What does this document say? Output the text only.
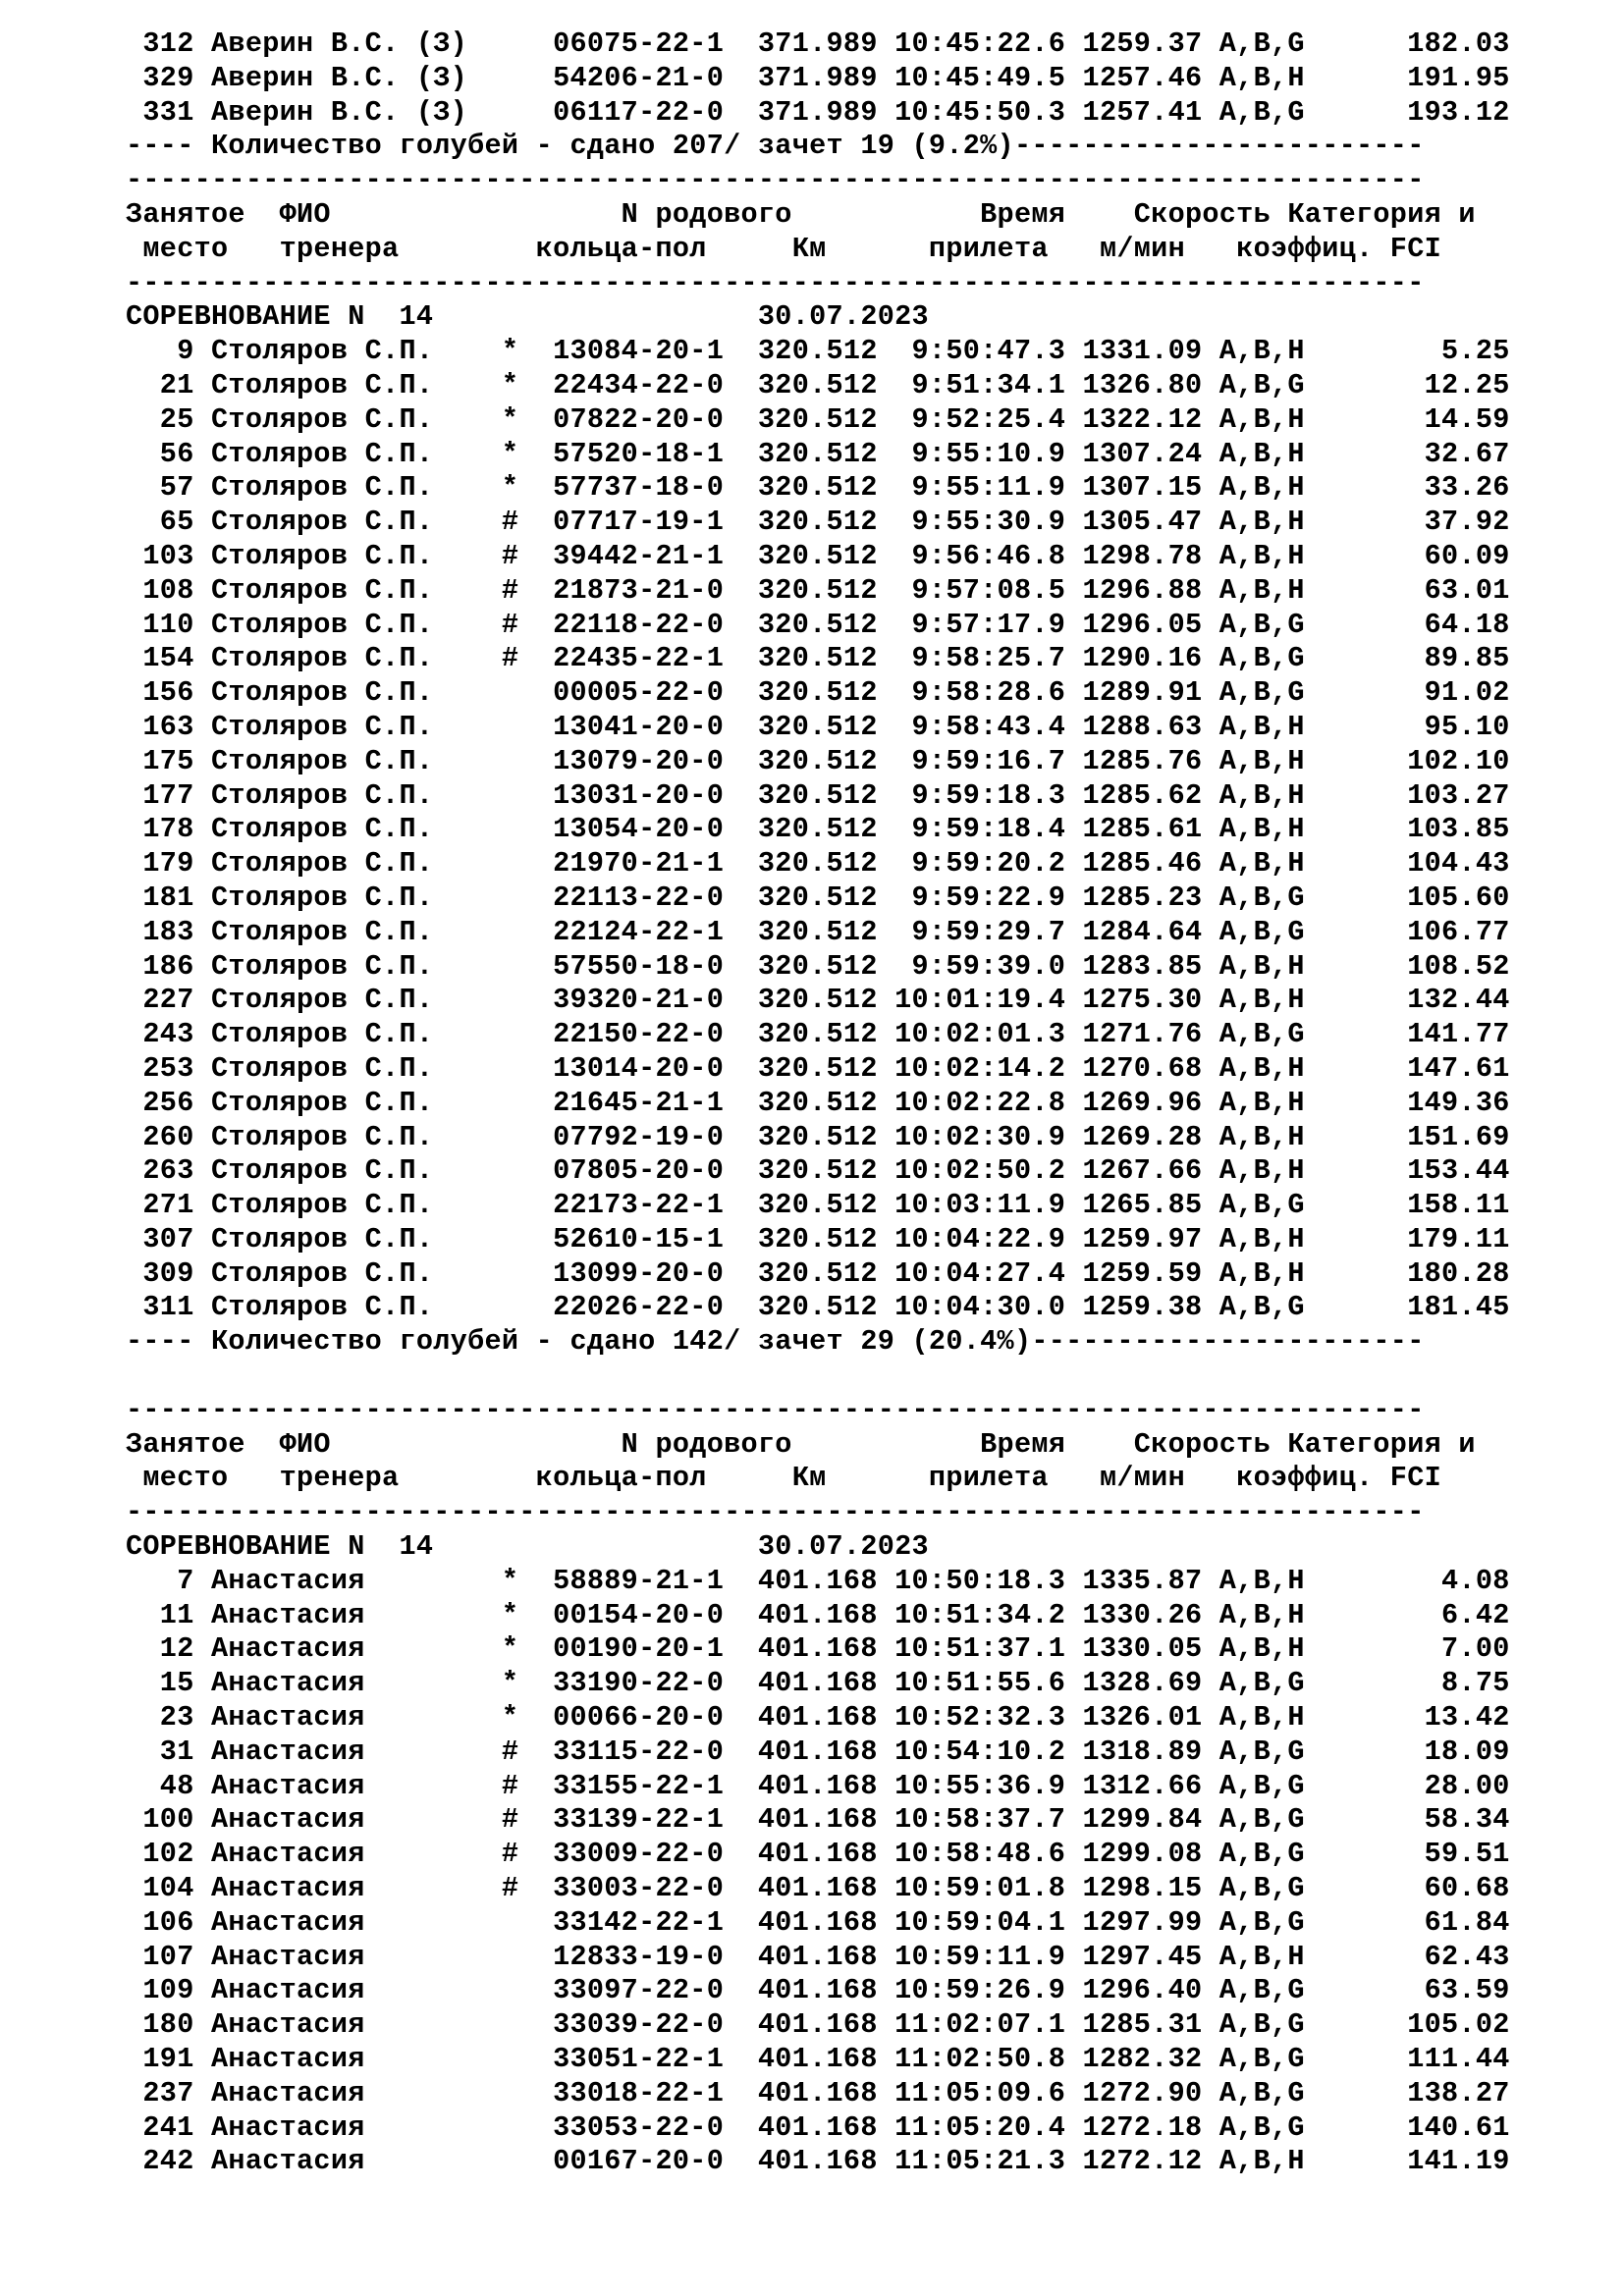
312 Аверин В.С. (З)     06075-22-1  371.989 10:45:22.6 1259.37 A,B,G      182.03
329 Аверин В.С. (З)     54206-21-0  371.989 10:45:49.5 1257.46 A,B,H      191.95
331 Аверин В.С. (З)     06117-22-0  371.989 10:45:50.3 1257.41 A,B,G      193.12
---- Количество голубей - сдано 207/ зачет 19 (9.2%)------------------------
----------------------------------------------------------------------------
Занятое  ФИО                 N родового           Время    Скорость Категория и
место   тренера        кольца-пол     Км      прилета   м/мин   коэффиц. FCI
----------------------------------------------------------------------------
СОРЕВНОВАНИЕ N  14                   30.07.2023
9 Столяров С.П.    *  13084-20-1  320.512  9:50:47.3 1331.09 A,B,H        5.25
21 Столяров С.П.    *  22434-22-0  320.512  9:51:34.1 1326.80 A,B,G       12.25
25 Столяров С.П.    *  07822-20-0  320.512  9:52:25.4 1322.12 A,B,H       14.59
56 Столяров С.П.    *  57520-18-1  320.512  9:55:10.9 1307.24 A,B,H       32.67
57 Столяров С.П.    *  57737-18-0  320.512  9:55:11.9 1307.15 A,B,H       33.26
65 Столяров С.П.    #  07717-19-1  320.512  9:55:30.9 1305.47 A,B,H       37.92
103 Столяров С.П.    #  39442-21-1  320.512  9:56:46.8 1298.78 A,B,H       60.09
108 Столяров С.П.    #  21873-21-0  320.512  9:57:08.5 1296.88 A,B,H       63.01
110 Столяров С.П.    #  22118-22-0  320.512  9:57:17.9 1296.05 A,B,G       64.18
154 Столяров С.П.    #  22435-22-1  320.512  9:58:25.7 1290.16 A,B,G       89.85
156 Столяров С.П.       00005-22-0  320.512  9:58:28.6 1289.91 A,B,G       91.02
163 Столяров С.П.       13041-20-0  320.512  9:58:43.4 1288.63 A,B,H       95.10
175 Столяров С.П.       13079-20-0  320.512  9:59:16.7 1285.76 A,B,H      102.10
177 Столяров С.П.       13031-20-0  320.512  9:59:18.3 1285.62 A,B,H      103.27
178 Столяров С.П.       13054-20-0  320.512  9:59:18.4 1285.61 A,B,H      103.85
179 Столяров С.П.       21970-21-1  320.512  9:59:20.2 1285.46 A,B,H      104.43
181 Столяров С.П.       22113-22-0  320.512  9:59:22.9 1285.23 A,B,G      105.60
183 Столяров С.П.       22124-22-1  320.512  9:59:29.7 1284.64 A,B,G      106.77
186 Столяров С.П.       57550-18-0  320.512  9:59:39.0 1283.85 A,B,H      108.52
227 Столяров С.П.       39320-21-0  320.512 10:01:19.4 1275.30 A,B,H      132.44
243 Столяров С.П.       22150-22-0  320.512 10:02:01.3 1271.76 A,B,G      141.77
253 Столяров С.П.       13014-20-0  320.512 10:02:14.2 1270.68 A,B,H      147.61
256 Столяров С.П.       21645-21-1  320.512 10:02:22.8 1269.96 A,B,H      149.36
260 Столяров С.П.       07792-19-0  320.512 10:02:30.9 1269.28 A,B,H      151.69
263 Столяров С.П.       07805-20-0  320.512 10:02:50.2 1267.66 A,B,H      153.44
271 Столяров С.П.       22173-22-1  320.512 10:03:11.9 1265.85 A,B,G      158.11
307 Столяров С.П.       52610-15-1  320.512 10:04:22.9 1259.97 A,B,H      179.11
309 Столяров С.П.       13099-20-0  320.512 10:04:27.4 1259.59 A,B,H      180.28
311 Столяров С.П.       22026-22-0  320.512 10:04:30.0 1259.38 A,B,G      181.45
---- Количество голубей - сдано 142/ зачет 29 (20.4%)-----------------------
----------------------------------------------------------------------------
Занятое  ФИО                 N родового           Время    Скорость Категория и
место   тренера        кольца-пол     Км      прилета   м/мин   коэффиц. FCI
----------------------------------------------------------------------------
СОРЕВНОВАНИЕ N  14                   30.07.2023
7 Анастасия        *  58889-21-1  401.168 10:50:18.3 1335.87 A,B,H        4.08
11 Анастасия        *  00154-20-0  401.168 10:51:34.2 1330.26 A,B,H        6.42
12 Анастасия        *  00190-20-1  401.168 10:51:37.1 1330.05 A,B,H        7.00
15 Анастасия        *  33190-22-0  401.168 10:51:55.6 1328.69 A,B,G        8.75
23 Анастасия        *  00066-20-0  401.168 10:52:32.3 1326.01 A,B,H       13.42
31 Анастасия        #  33115-22-0  401.168 10:54:10.2 1318.89 A,B,G       18.09
48 Анастасия        #  33155-22-1  401.168 10:55:36.9 1312.66 A,B,G       28.00
100 Анастасия        #  33139-22-1  401.168 10:58:37.7 1299.84 A,B,G       58.34
102 Анастасия        #  33009-22-0  401.168 10:58:48.6 1299.08 A,B,G       59.51
104 Анастасия        #  33003-22-0  401.168 10:59:01.8 1298.15 A,B,G       60.68
106 Анастасия           33142-22-1  401.168 10:59:04.1 1297.99 A,B,G       61.84
107 Анастасия           12833-19-0  401.168 10:59:11.9 1297.45 A,B,H       62.43
109 Анастасия           33097-22-0  401.168 10:59:26.9 1296.40 A,B,G       63.59
180 Анастасия           33039-22-0  401.168 11:02:07.1 1285.31 A,B,G      105.02
191 Анастасия           33051-22-1  401.168 11:02:50.8 1282.32 A,B,G      111.44
237 Анастасия           33018-22-1  401.168 11:05:09.6 1272.90 A,B,G      138.27
241 Анастасия           33053-22-0  401.168 11:05:20.4 1272.18 A,B,G      140.61
242 Анастасия           00167-20-0  401.168 11:05:21.3 1272.12 A,B,H      141.19
